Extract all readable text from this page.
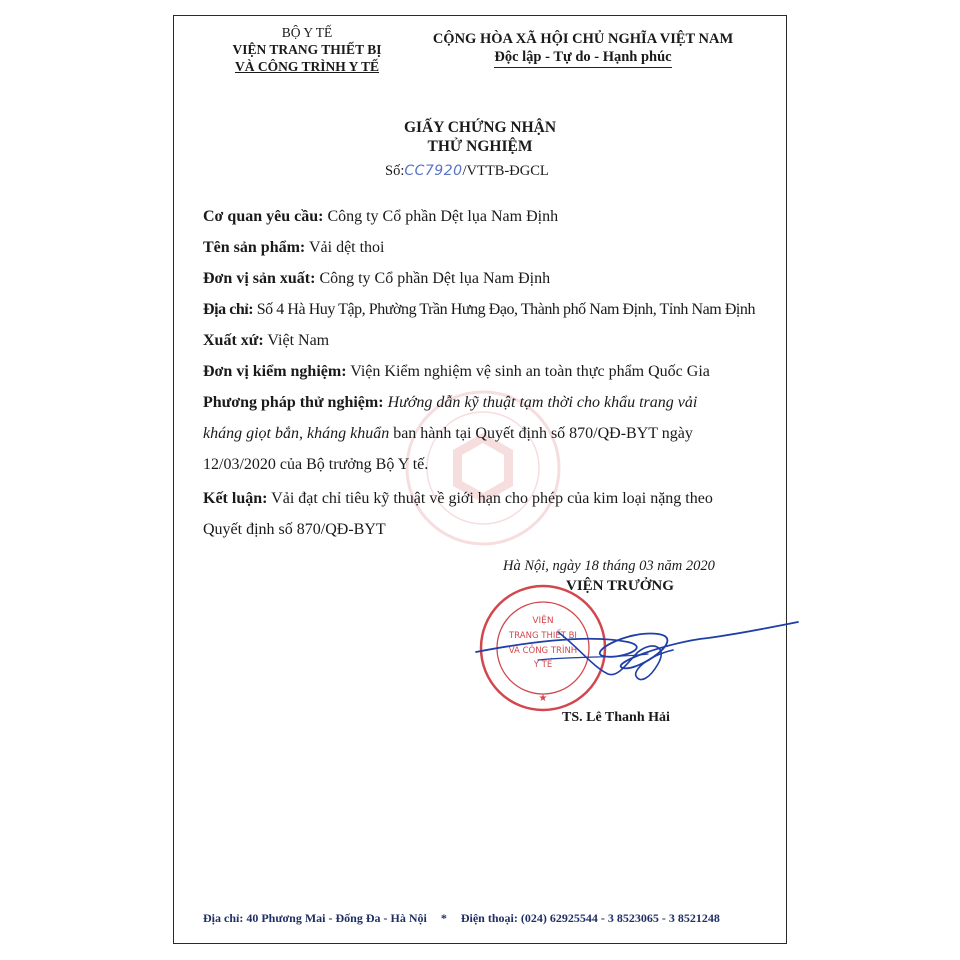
BỘ Y TẾ
VIỆN TRANG THIẾT BỊ
VÀ CÔNG TRÌNH Y TẾ
CỘNG HÒA XÃ HỘI CHỦ NGHĨA VIỆT NAM
Độc lập - Tự do - Hạnh phúc
GIẤY CHỨNG NHẬN
THỬ NGHIỆM
Số:CC7920/VTTB-ĐGCL
Cơ quan yêu cầu: Công ty Cổ phần Dệt lụa Nam Định
Tên sản phẩm: Vải dệt thoi
Đơn vị sản xuất: Công ty Cổ phần Dệt lụa Nam Định
Địa chỉ: Số 4 Hà Huy Tập, Phường Trần Hưng Đạo, Thành phố Nam Định, Tỉnh Nam Định
Xuất xứ: Việt Nam
Đơn vị kiểm nghiệm: Viện Kiểm nghiệm vệ sinh an toàn thực phẩm Quốc Gia
Phương pháp thử nghiệm: Hướng dẫn kỹ thuật tạm thời cho khẩu trang vải
kháng giọt bắn, kháng khuẩn ban hành tại Quyết định số 870/QĐ-BYT ngày
12/03/2020 của Bộ trưởng Bộ Y tế.
Kết luận: Vải đạt chỉ tiêu kỹ thuật về giới hạn cho phép của kim loại nặng theo
Quyết định số 870/QĐ-BYT
Hà Nội, ngày 18 tháng 03 năm 2020
VIỆN TRƯỞNG
VIỆN
TRANG THIẾT BỊ
VÀ CÔNG TRÌNH
Y TẾ
★
TS. Lê Thanh Hải
Địa chỉ: 40 Phương Mai - Đống Đa - Hà Nội * Điện thoại: (024) 62925544 - 3 8523065 - 3 8521248
